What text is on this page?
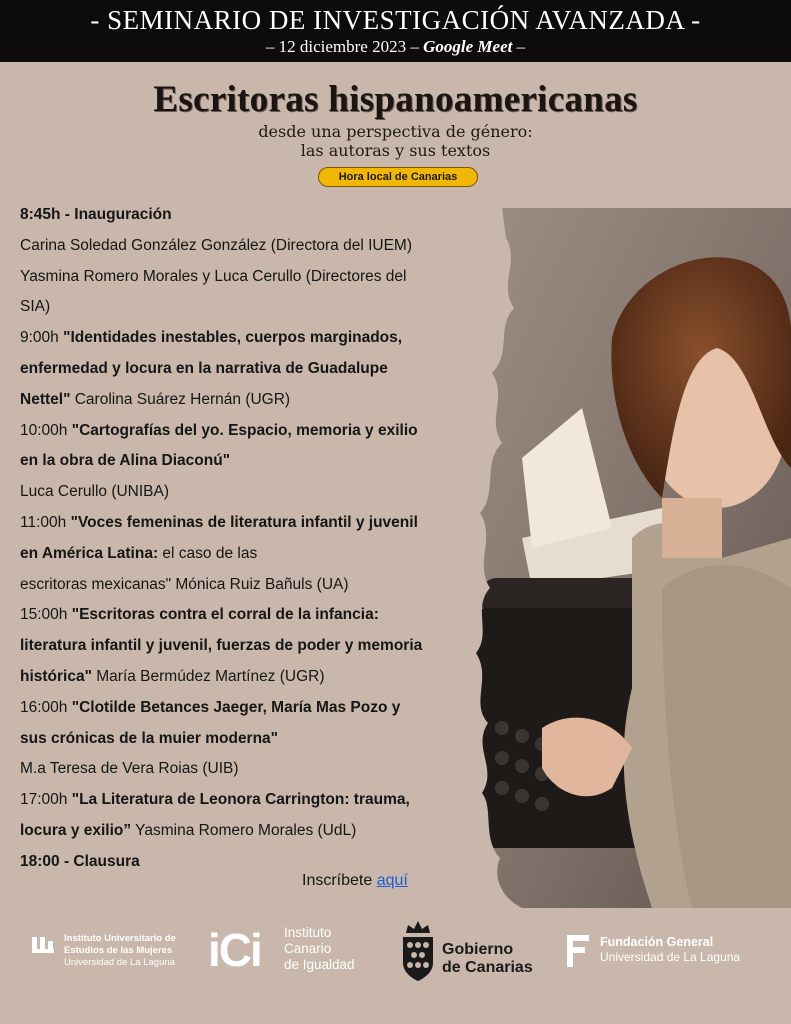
- SEMINARIO DE INVESTIGACIÓN AVANZADA -
– 12 diciembre 2023 – Google Meet –
Escritoras hispanoamericanas
desde una perspectiva de género:
las autoras y sus textos
Hora local de Canarias

8:45h - Inauguración

Carina Soledad González González (Directora del IUEM)

Yasmina Romero Morales y Luca Cerullo (Directores del

SIA)

9:00h "Identidades inestables, cuerpos marginados,

enfermedad y locura en la narrativa de Guadalupe

Nettel" Carolina Suárez Hernán (UGR)

10:00h "Cartografías del yo. Espacio, memoria y exilio

en la obra de Alina Diaconú"

Luca Cerullo (UNIBA)

11:00h "Voces femeninas de literatura infantil y juvenil

en América Latina: el caso de las

escritoras mexicanas" Mónica Ruiz Bañuls (UA)

15:00h "Escritoras contra el corral de la infancia:

literatura infantil y juvenil, fuerzas de poder y memoria

histórica" María Bermúdez Martínez (UGR)

16:00h "Clotilde Betances Jaeger, María Mas Pozo y

sus crónicas de la muier moderna"

M.a Teresa de Vera Roias (UIB)

17:00h "La Literatura de Leonora Carrington: trauma,

locura y exilio” Yasmina Romero Morales (UdL)

18:00 - Clausura

Inscríbete aquí
Instituto Universitario de
Estudios de las Mujeres
Universidad de La Laguna iCi Instituto
Canario
de Igualdad
Gobierno
de Canarias
Fundación General
Universidad de La Laguna
